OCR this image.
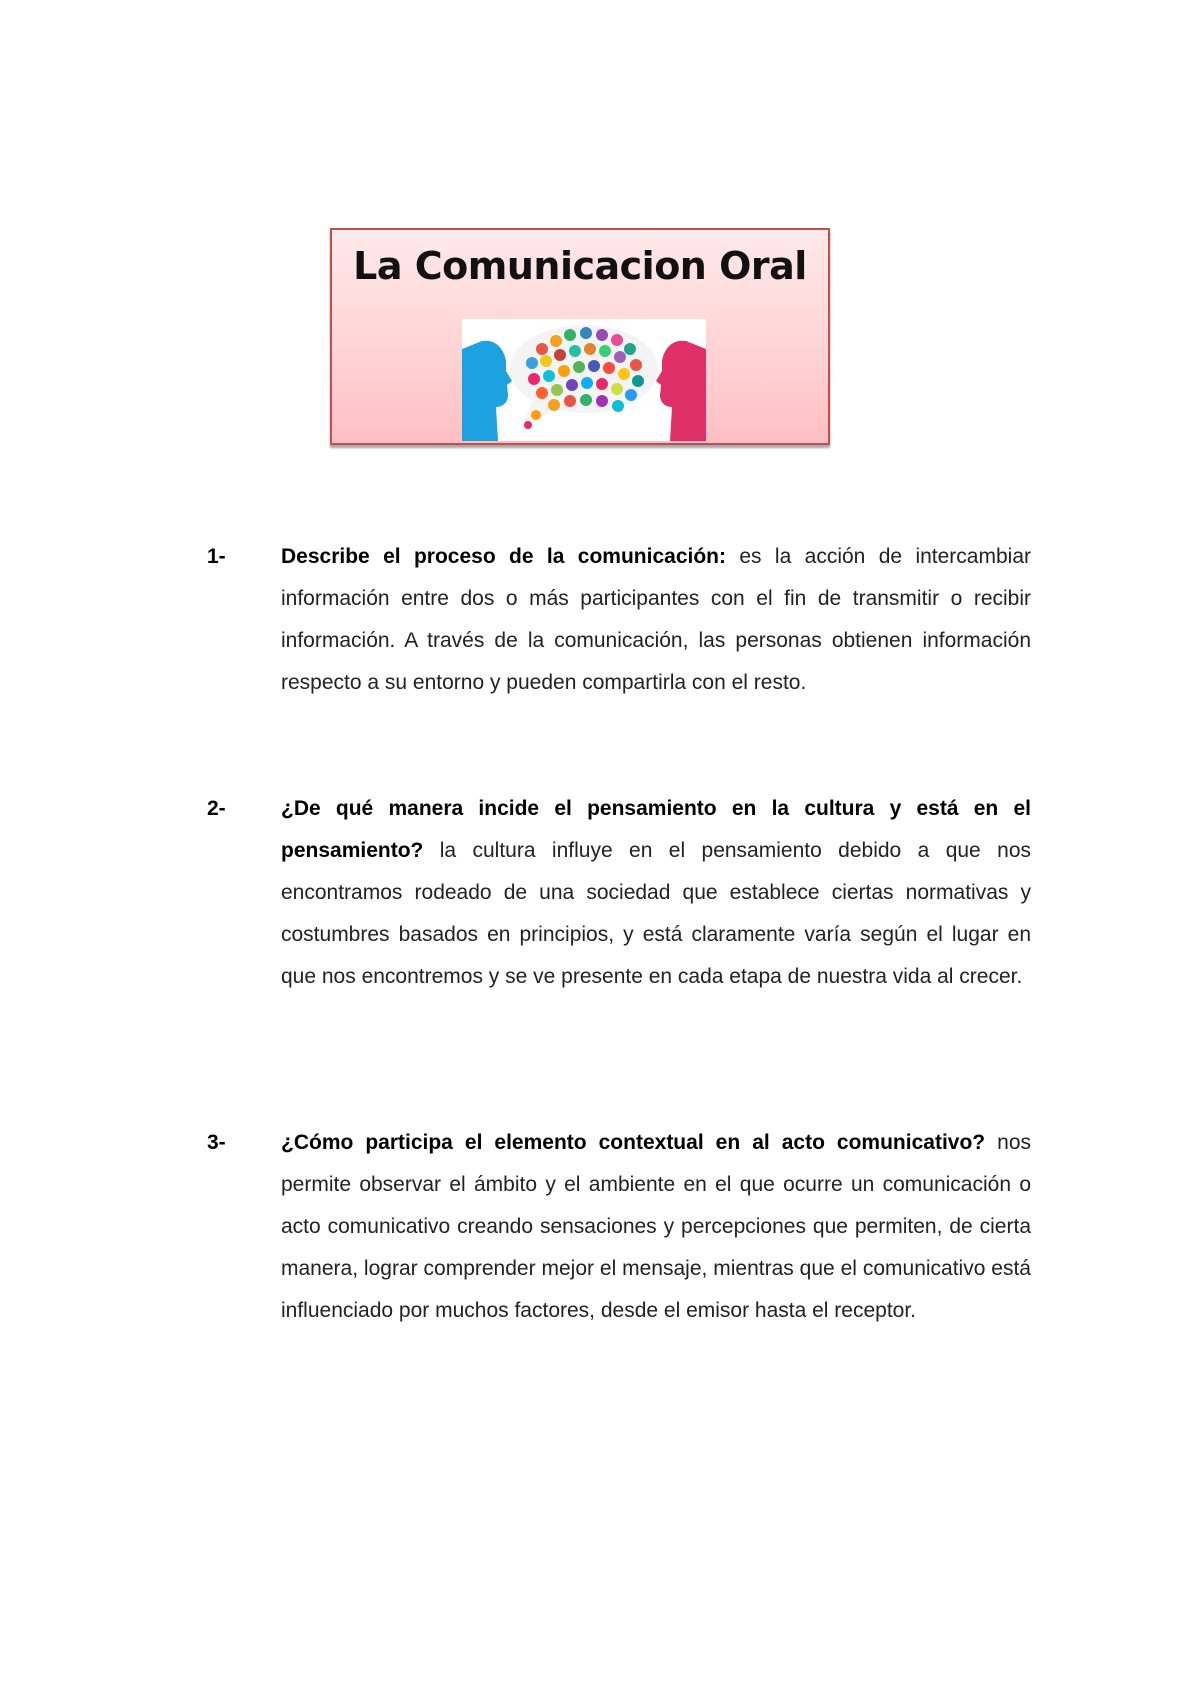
La Comunicacion Oral
1-	Describe el proceso de la comunicación: es la acción de intercambiar información entre dos o más participantes con el fin de transmitir o recibir información. A través de la comunicación, las personas obtienen información respecto a su entorno y pueden compartirla con el resto.
2-	¿De qué manera incide el pensamiento en la cultura y está en el pensamiento? la cultura influye en el pensamiento debido a que nos encontramos rodeado de una sociedad que establece ciertas normativas y costumbres basados en principios, y está claramente varía según el lugar en que nos encontremos y se ve presente en cada etapa de nuestra vida al crecer.
3-	¿Cómo participa el elemento contextual en al acto comunicativo? nos permite observar el ámbito y el ambiente en el que ocurre un comunicación o acto comunicativo creando sensaciones y percepciones que permiten, de cierta manera, lograr comprender mejor el mensaje, mientras que el comunicativo está influenciado por muchos factores, desde el emisor hasta el receptor.
